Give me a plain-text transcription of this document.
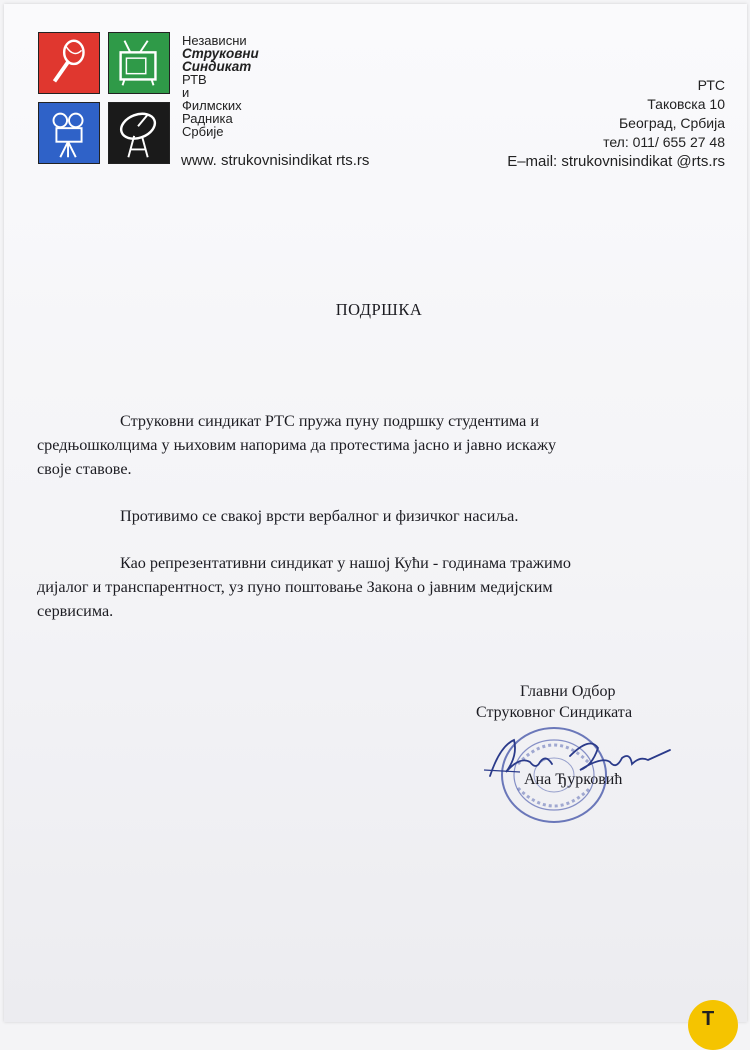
Независни
Струковни
Синдикат
РТВ
и
Филмских
Радника
Србије
www. strukovnisindikat rts.rs
РТС
Таковска 10
Београд, Србија
тел: 011/ 655 27 48
E–mail: strukovnisindikat @rts.rs
ПОДРШКА

Струковни синдикат РТС пружа пуну подршку студентима и
средњошколцима у њиховим напорима да протестима јасно и јавно искажу
своје ставове.

Противимо се свакој врсти вербалног и физичког насиља.

Као репрезентативни синдикат у нашој Кући - годинама тражимо
дијалог и транспарентност, уз пуно поштовање Закона о јавним медијским
сервисима.

Главни Одбор
Струковног Синдиката
Ана Ђурковић
T
